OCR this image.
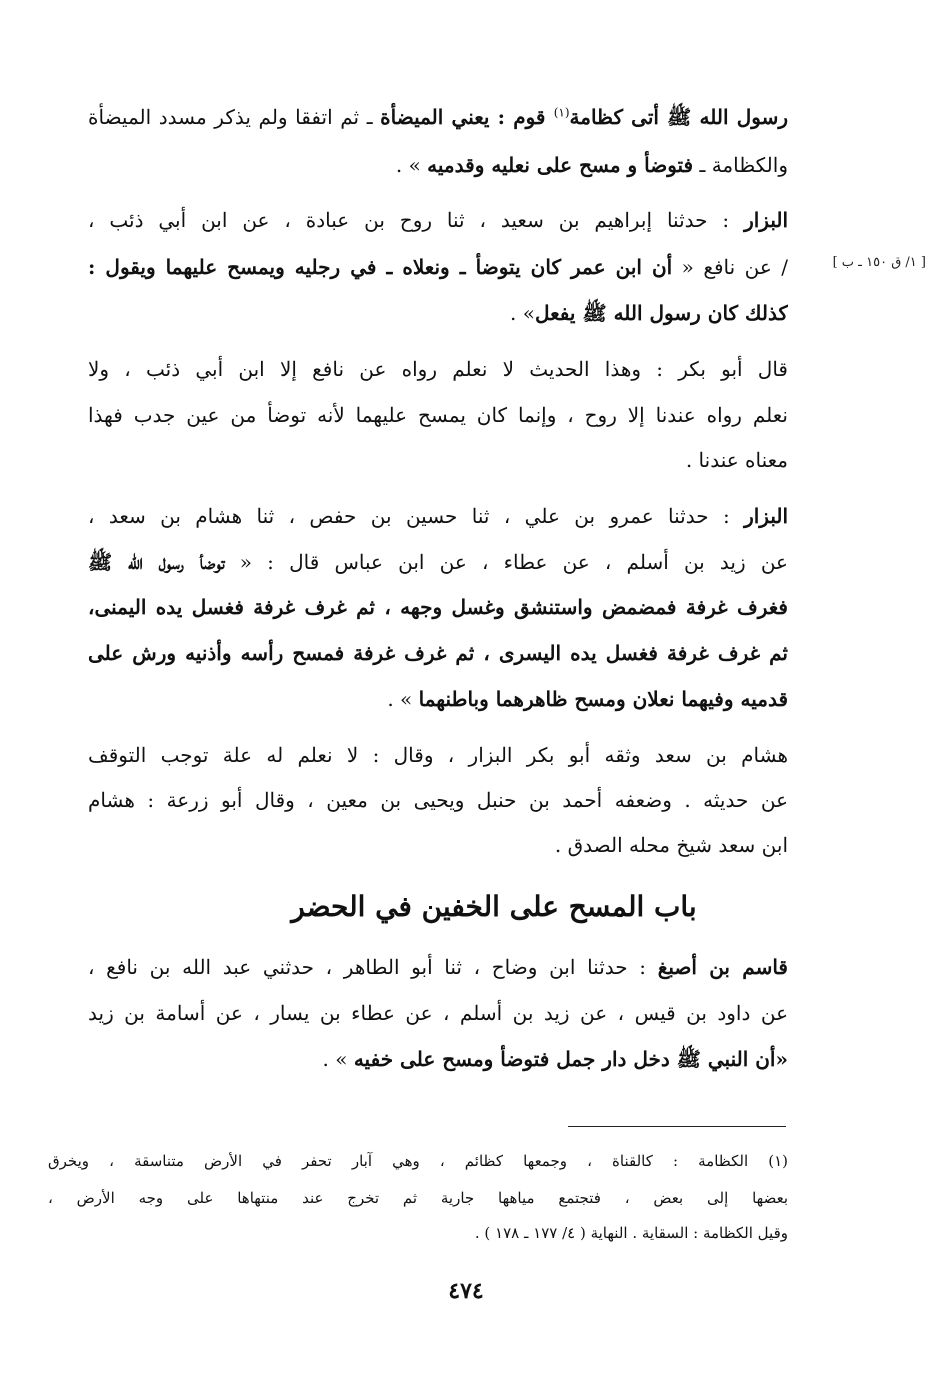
رسول الله ﷺ أتى كظامة$^{(١)}$ قوم : يعني الميضأة ـ ثم اتفقا ولم يذكر مسدد الميضأة
والكظامة ـ فتوضأ و مسح على نعليه وقدميه » .
البزار : حدثنا إبراهيم بن سعيد ، ثنا روح بن عبادة ، عن ابن أبي ذئب ،
[ ١/ ق ١٥٠ ـ ب ]
/ عن نافع « أن ابن عمر كان يتوضأ ـ ونعلاه ـ في رجليه ويمسح عليهما ويقول :
كذلك كان رسول الله ﷺ يفعل» .
قال أبو بكر : وهذا الحديث لا نعلم رواه عن نافع إلا ابن أبي ذئب ، ولا
نعلم رواه عندنا إلا روح ، وإنما كان يمسح عليهما لأنه توضأ من عين جدب فهذا
معناه عندنا .
البزار : حدثنا عمرو بن علي ، ثنا حسين بن حفص ، ثنا هشام بن سعد ،
عن زيد بن أسلم ، عن عطاء ، عن ابن عباس قال : « توضأ رسول الله ﷺ
فغرف غرفة فمضمض واستنشق وغسل وجهه ، ثم غرف غرفة فغسل يده اليمنى،
ثم غرف غرفة فغسل يده اليسرى ، ثم غرف غرفة فمسح رأسه وأذنيه ورش على
قدميه وفيهما نعلان ومسح ظاهرهما وباطنهما » .
هشام بن سعد وثقه أبو بكر البزار ، وقال : لا نعلم له علة توجب التوقف
عن حديثه . وضعفه أحمد بن حنبل ويحيى بن معين ، وقال أبو زرعة : هشام
ابن سعد شيخ محله الصدق .
باب المسح على الخفين في الحضر
قاسم بن أصبغ : حدثنا ابن وضاح ، ثنا أبو الطاهر ، حدثني عبد الله بن نافع ،
عن داود بن قيس ، عن زيد بن أسلم ، عن عطاء بن يسار ، عن أسامة بن زيد
«أن النبي ﷺ دخل دار جمل فتوضأ ومسح على خفيه » .
(١) الكظامة : كالقناة ، وجمعها كظائم ، وهي آبار تحفر في الأرض متناسقة ، ويخرق
بعضها إلى بعض ، فتجتمع مياهها جارية ثم تخرج عند منتهاها على وجه الأرض ،
وقيل الكظامة : السقاية . النهاية ( ٤/ ١٧٧ ـ ١٧٨ ) .
٤٧٤
